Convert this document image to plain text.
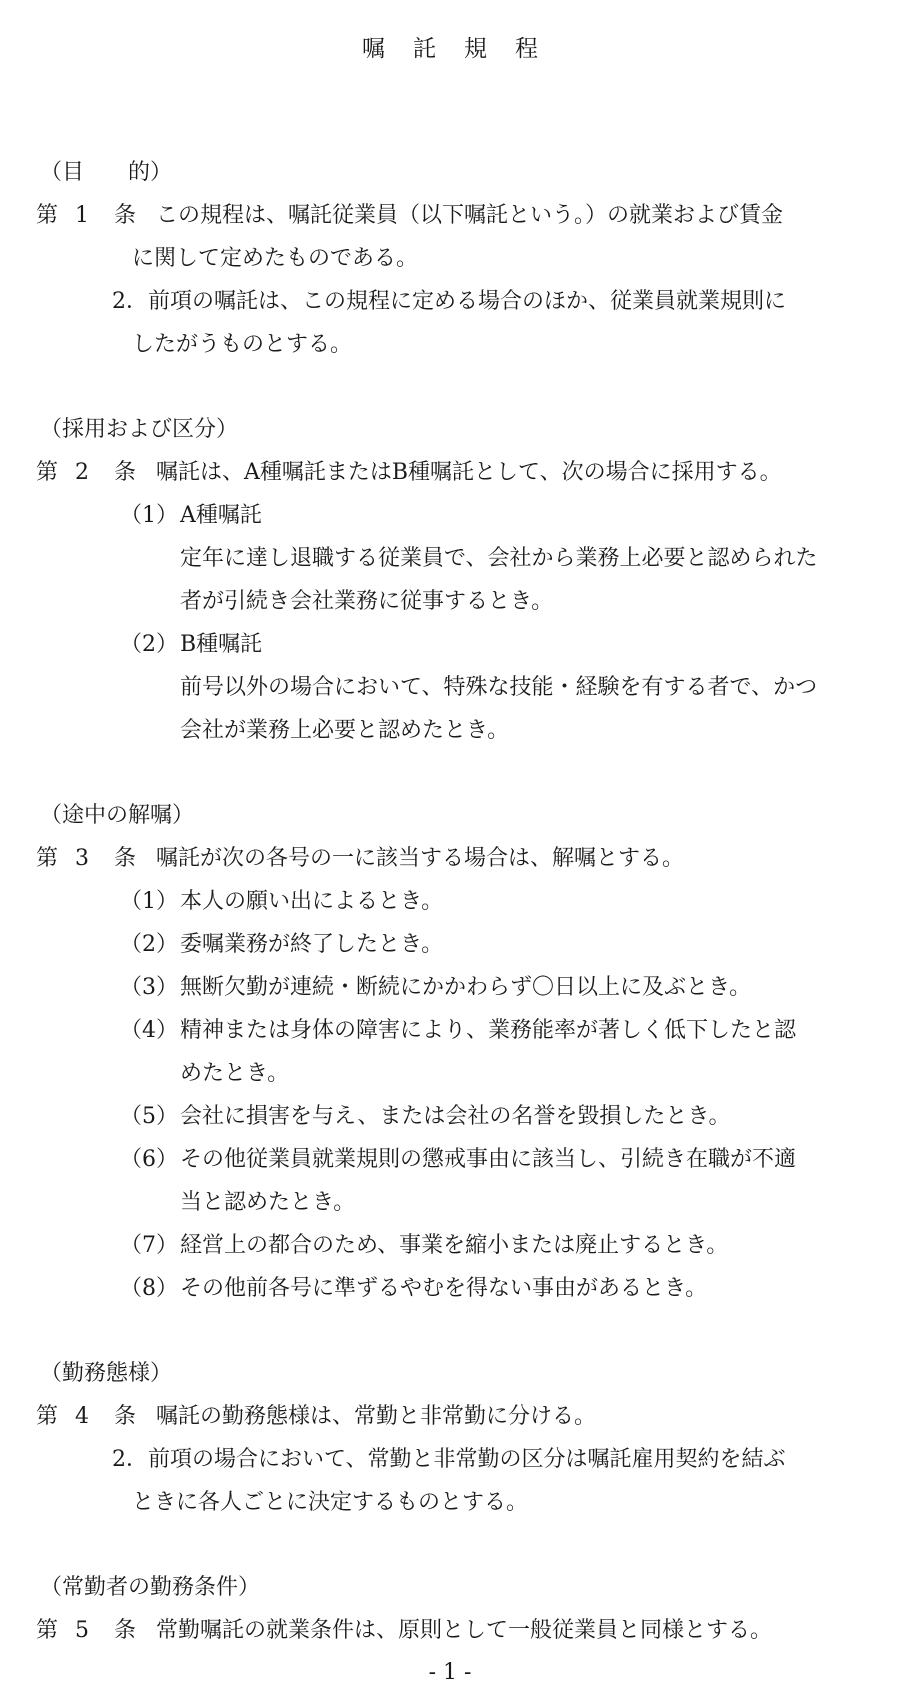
嘱 託 規 程
（目　　的）
第 1 条 この規程は、嘱託従業員（以下嘱託という。）の就業および賃金
に関して定めたものである。
2．前項の嘱託は、この規程に定める場合のほか、従業員就業規則に
したがうものとする。
（採用および区分）
第 2 条 嘱託は、A種嘱託またはB種嘱託として、次の場合に採用する。
（1） A種嘱託
定年に達し退職する従業員で、会社から業務上必要と認められた
者が引続き会社業務に従事するとき。
（2） B種嘱託
前号以外の場合において、特殊な技能・経験を有する者で、かつ
会社が業務上必要と認めたとき。
（途中の解嘱）
第 3 条 嘱託が次の各号の一に該当する場合は、解嘱とする。
（1） 本人の願い出によるとき。
（2） 委嘱業務が終了したとき。
（3） 無断欠勤が連続・断続にかかわらず〇日以上に及ぶとき。
（4） 精神または身体の障害により、業務能率が著しく低下したと認
めたとき。
（5） 会社に損害を与え、または会社の名誉を毀損したとき。
（6） その他従業員就業規則の懲戒事由に該当し、引続き在職が不適
当と認めたとき。
（7） 経営上の都合のため、事業を縮小または廃止するとき。
（8） その他前各号に準ずるやむを得ない事由があるとき。
（勤務態様）
第 4 条 嘱託の勤務態様は、常勤と非常勤に分ける。
2．前項の場合において、常勤と非常勤の区分は嘱託雇用契約を結ぶ
ときに各人ごとに決定するものとする。
（常勤者の勤務条件）
第 5 条 常勤嘱託の就業条件は、原則として一般従業員と同様とする。
- 1 -
